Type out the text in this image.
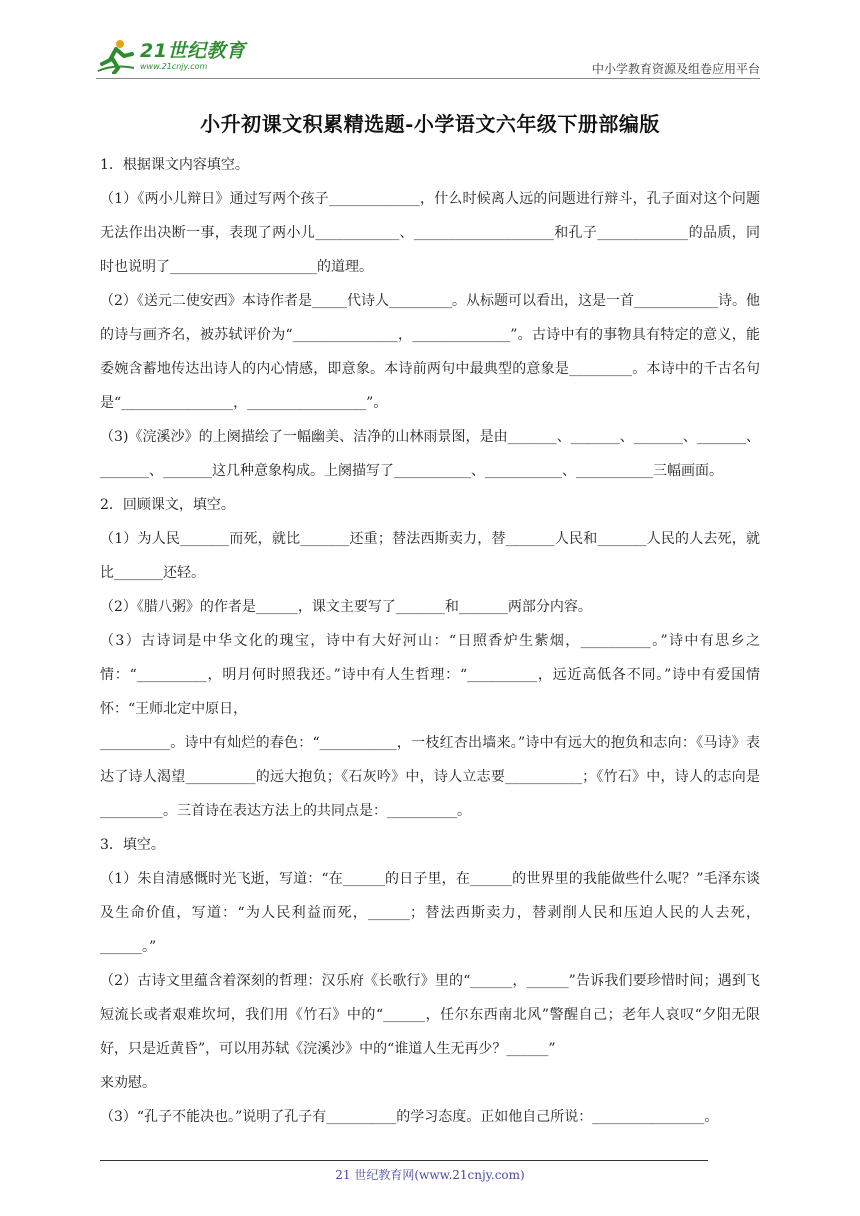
21世纪教育
www.21cnjy.com	中小学教育资源及组卷应用平台
小升初课文积累精选题-小学语文六年级下册部编版

1．根据课文内容填空。

（1）《两小儿辩日》通过写两个孩子_____________，什么时候离人远的问题进行辩斗，孔子面对这个问题无法作出决断一事，表现了两小儿____________、____________________和孔子_____________的品质，同时也说明了_____________________的道理。

（2）《送元二使安西》本诗作者是_____代诗人_________。从标题可以看出，这是一首____________诗。他的诗与画齐名，被苏轼评价为“_______________，______________”。古诗中有的事物具有特定的意义，能委婉含蓄地传达出诗人的内心情感，即意象。本诗前两句中最典型的意象是_________。本诗中的千古名句是“________________，_________________”。

（3)《浣溪沙》的上阕描绘了一幅幽美、洁净的山林雨景图，是由_______、_______、_______、_______、_______、_______这几种意象构成。上阕描写了___________、___________、___________三幅画面。

2．回顾课文，填空。

（1）为人民_______而死，就比_______还重；替法西斯卖力，替_______人民和_______人民的人去死，就比_______还轻。

（2）《腊八粥》的作者是______，课文主要写了_______和_______两部分内容。

（3）古诗词是中华文化的瑰宝，诗中有大好河山：“日照香炉生紫烟，__________。”诗中有思乡之情：“__________，明月何时照我还。”诗中有人生哲理：“__________，远近高低各不同。”诗中有爱国情怀：“王师北定中原日，

__________。诗中有灿烂的春色：“___________，一枝红杏出墙来。”诗中有远大的抱负和志向：《马诗》表达了诗人渴望__________的远大抱负；《石灰吟》中，诗人立志要___________；《竹石》中，诗人的志向是_________。三首诗在表达方法上的共同点是：__________。

3．填空。

（1）朱自清感慨时光飞逝，写道：“在______的日子里，在______的世界里的我能做些什么呢？”毛泽东谈及生命价值，写道：“为人民利益而死，______；替法西斯卖力，替剥削人民和压迫人民的人去死，______。”

（2）古诗文里蕴含着深刻的哲理：汉乐府《长歌行》里的“______，______”告诉我们要珍惜时间；遇到飞短流长或者艰难坎坷，我们用《竹石》中的“______，任尔东西南北风”警醒自己；老年人哀叹“夕阳无限好，只是近黄昏”，可以用苏轼《浣溪沙》中的“谁道人生无再少？______”

来劝慰。

（3）“孔子不能决也。”说明了孔子有__________的学习态度。正如他自己所说：________________。

21 世纪教育网(www.21cnjy.com)
